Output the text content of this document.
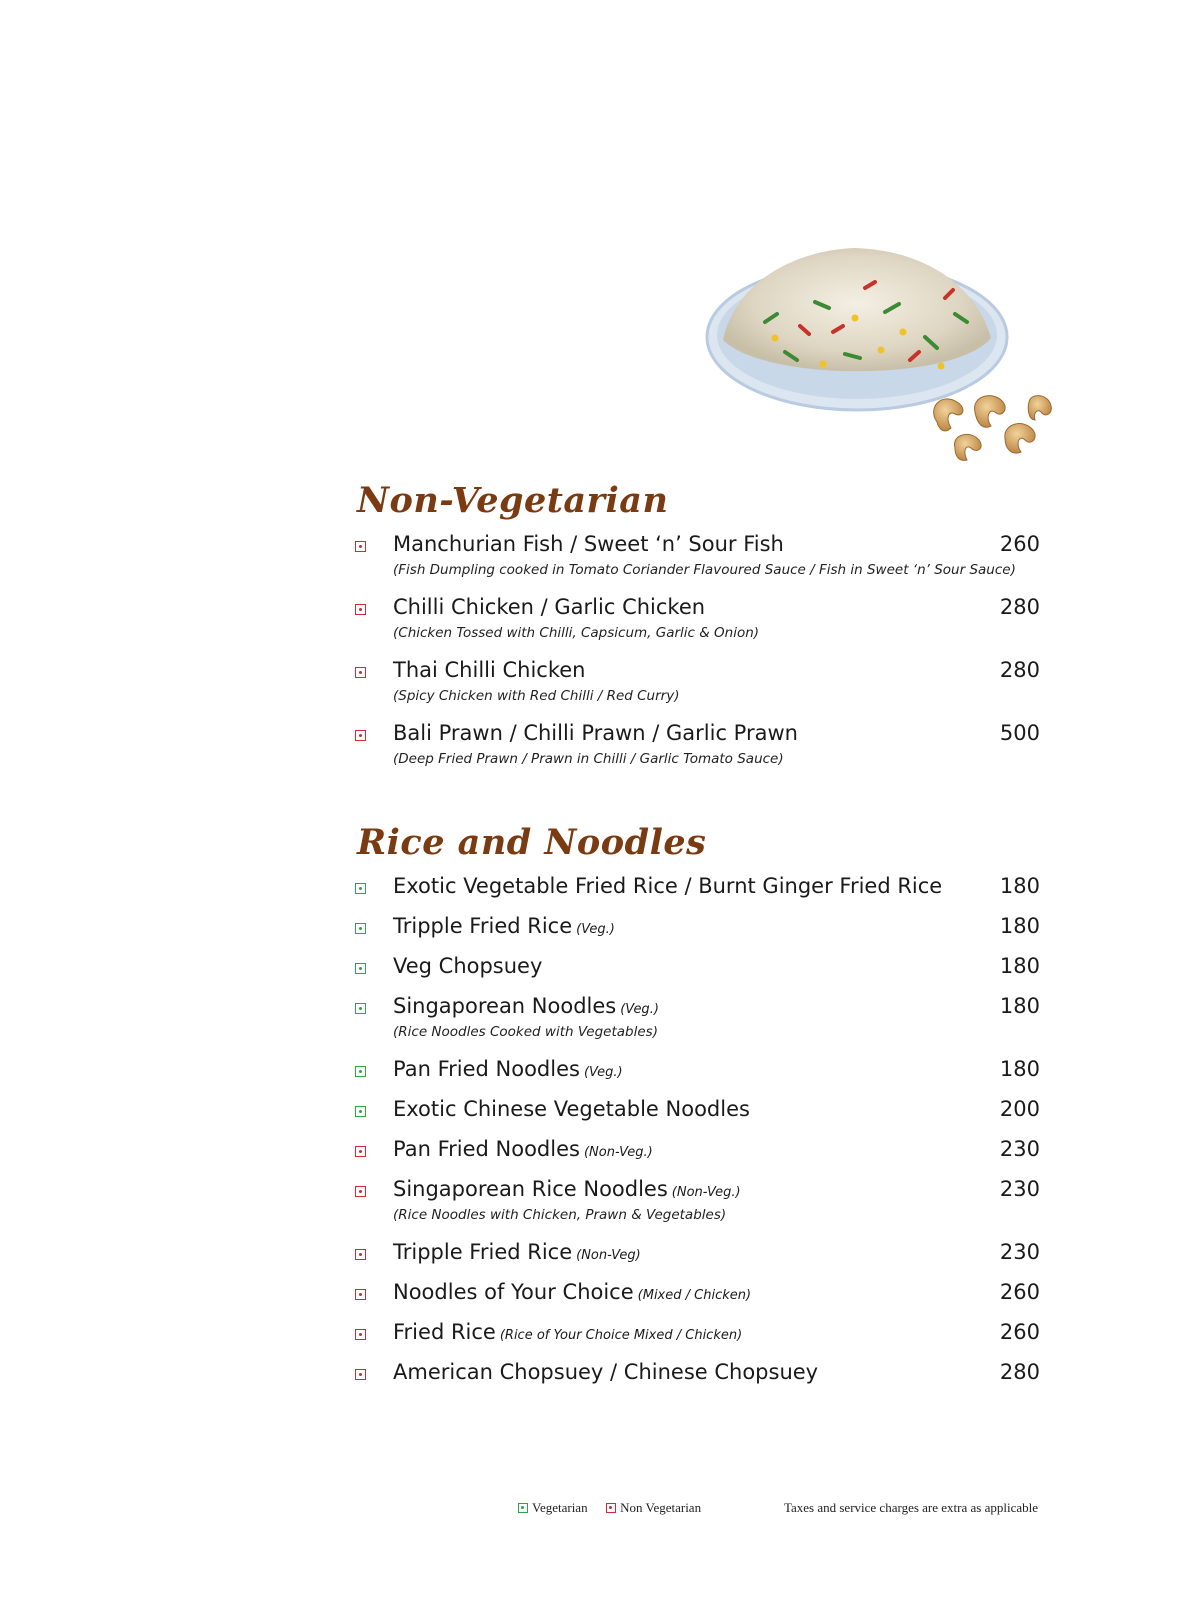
Non-Vegetarian
Manchurian Fish / Sweet ‘n’ Sour Fish
(Fish Dumpling cooked in Tomato Coriander Flavoured Sauce / Fish in Sweet ‘n’ Sour Sauce)
260
Chilli Chicken / Garlic Chicken
(Chicken Tossed with Chilli, Capsicum, Garlic & Onion)
280
Thai Chilli Chicken
(Spicy Chicken with Red Chilli / Red Curry)
280
Bali Prawn / Chilli Prawn / Garlic Prawn
(Deep Fried Prawn / Prawn in Chilli / Garlic Tomato Sauce)
500
Rice and Noodles
Exotic Vegetable Fried Rice / Burnt Ginger Fried Rice	180
Tripple Fried Rice (Veg.)	180
Veg Chopsuey	180
Singaporean Noodles (Veg.)
(Rice Noodles Cooked with Vegetables)
180
Pan Fried Noodles (Veg.)	180
Exotic Chinese Vegetable Noodles	200
Pan Fried Noodles (Non-Veg.)	230
Singaporean Rice Noodles (Non-Veg.)
(Rice Noodles with Chicken, Prawn & Vegetables)
230
Tripple Fried Rice (Non-Veg)	230
Noodles of Your Choice (Mixed / Chicken)	260
Fried Rice (Rice of Your Choice Mixed / Chicken)	260
American Chopsuey / Chinese Chopsuey	280
Vegetarian	Non Vegetarian	Taxes and service charges are extra as applicable
